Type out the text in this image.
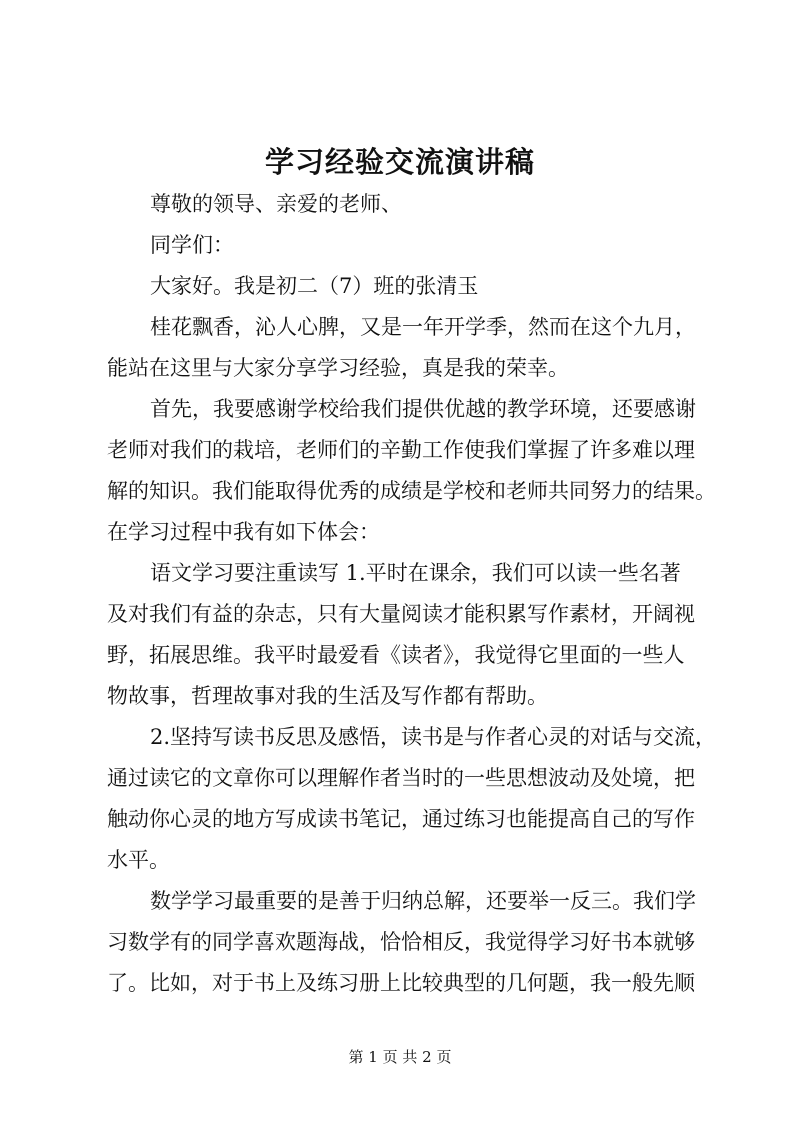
学习经验交流演讲稿
尊敬的领导、亲爱的老师、
同学们：
大家好。我是初二（7）班的张清玉
桂花飘香，沁人心脾，又是一年开学季，然而在这个九月，
能站在这里与大家分享学习经验，真是我的荣幸。
首先，我要感谢学校给我们提供优越的教学环境，还要感谢
老师对我们的栽培，老师们的辛勤工作使我们掌握了许多难以理
解的知识。我们能取得优秀的成绩是学校和老师共同努力的结果。
在学习过程中我有如下体会：
语文学习要注重读写 1.平时在课余，我们可以读一些名著
及对我们有益的杂志，只有大量阅读才能积累写作素材，开阔视
野，拓展思维。我平时最爱看《读者》，我觉得它里面的一些人
物故事，哲理故事对我的生活及写作都有帮助。
2.坚持写读书反思及感悟，读书是与作者心灵的对话与交流，
通过读它的文章你可以理解作者当时的一些思想波动及处境，把
触动你心灵的地方写成读书笔记，通过练习也能提高自己的写作
水平。
数学学习最重要的是善于归纳总解，还要举一反三。我们学
习数学有的同学喜欢题海战，恰恰相反，我觉得学习好书本就够
了。比如，对于书上及练习册上比较典型的几何题，我一般先顺
第 1 页 共 2 页
